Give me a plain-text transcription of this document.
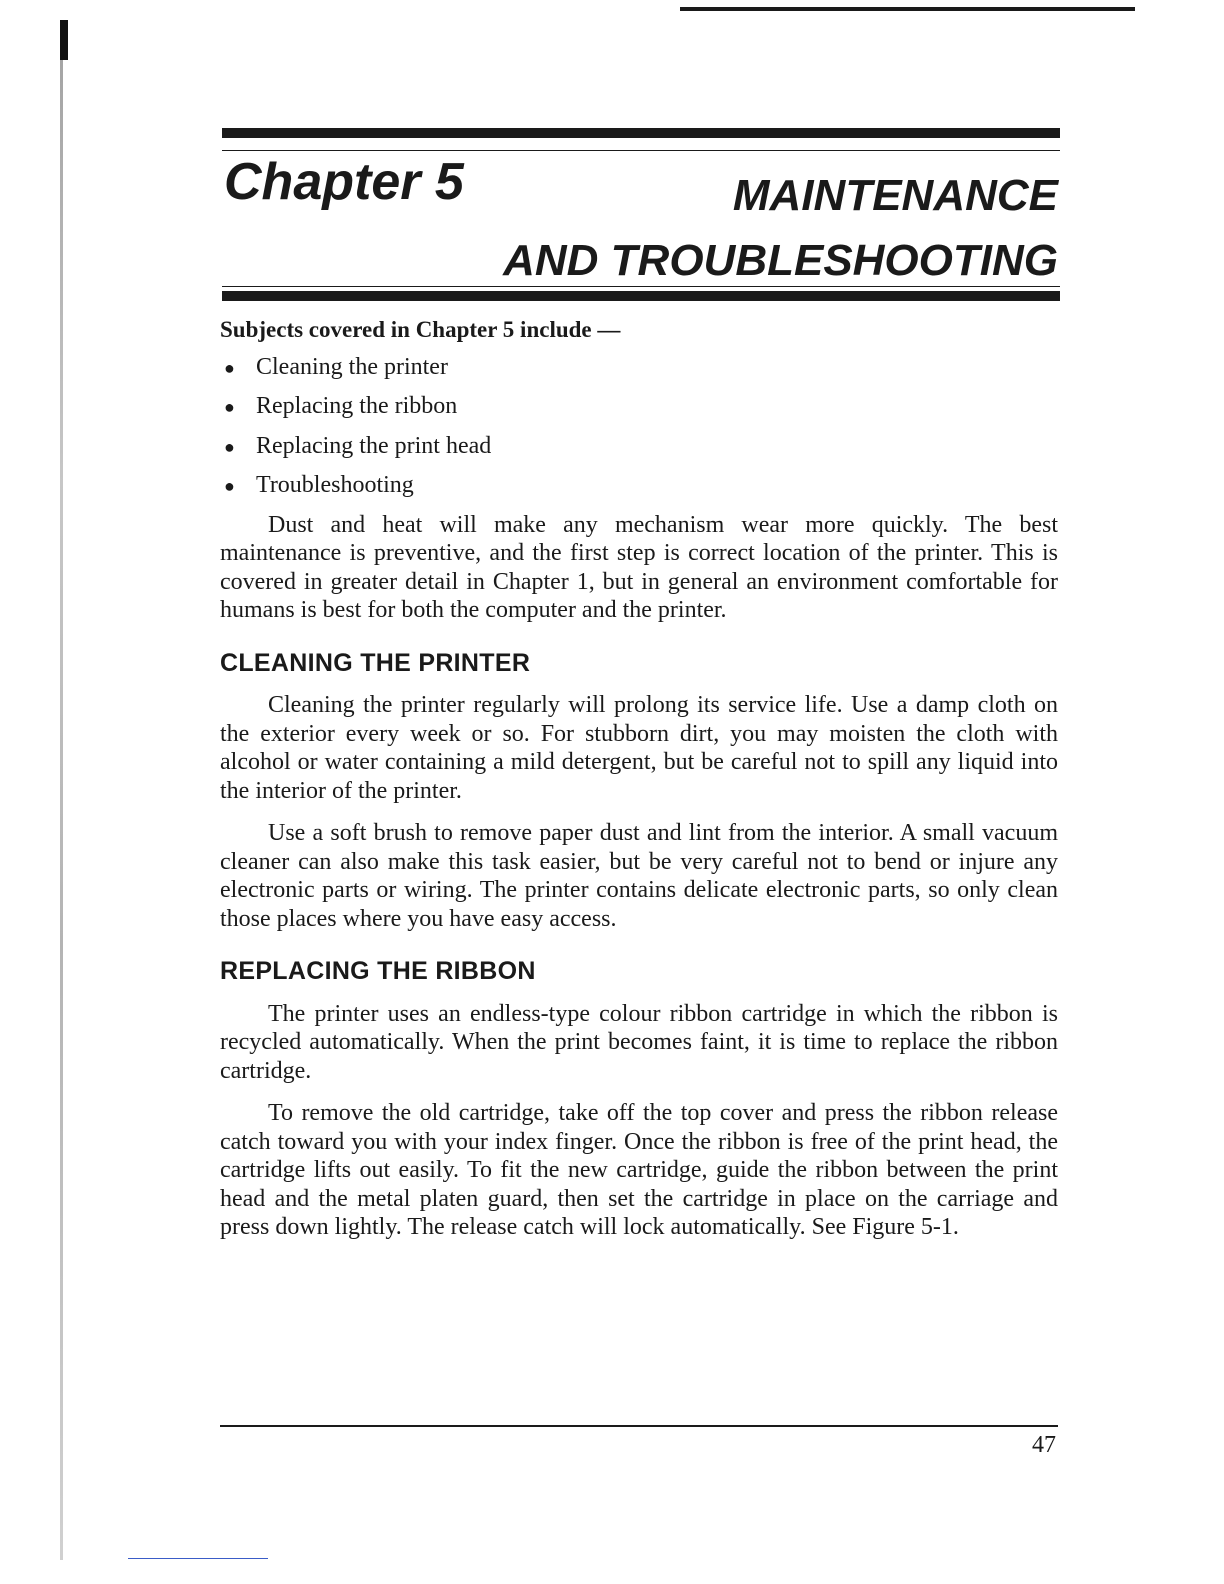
Chapter 5	MAINTENANCE
AND TROUBLESHOOTING
Subjects covered in Chapter 5 include —
● Cleaning the printer
● Replacing the ribbon
● Replacing the print head
● Troubleshooting

Dust and heat will make any mechanism wear more quickly. The best maintenance is preventive, and the first step is correct location of the printer. This is covered in greater detail in Chapter 1, but in general an environment comfortable for humans is best for both the computer and the printer.

CLEANING THE PRINTER

Cleaning the printer regularly will prolong its service life. Use a damp cloth on the exterior every week or so. For stubborn dirt, you may moisten the cloth with alcohol or water containing a mild detergent, but be careful not to spill any liquid into the interior of the printer.

Use a soft brush to remove paper dust and lint from the interior. A small vacuum cleaner can also make this task easier, but be very careful not to bend or injure any electronic parts or wiring. The printer contains delicate electronic parts, so only clean those places where you have easy access.

REPLACING THE RIBBON

The printer uses an endless-type colour ribbon cartridge in which the ribbon is recycled automatically. When the print becomes faint, it is time to replace the ribbon cartridge.

To remove the old cartridge, take off the top cover and press the ribbon release catch toward you with your index finger. Once the ribbon is free of the print head, the cartridge lifts out easily. To fit the new cartridge, guide the ribbon between the print head and the metal platen guard, then set the cartridge in place on the carriage and press down lightly. The release catch will lock automatically. See Figure 5-1.

47
